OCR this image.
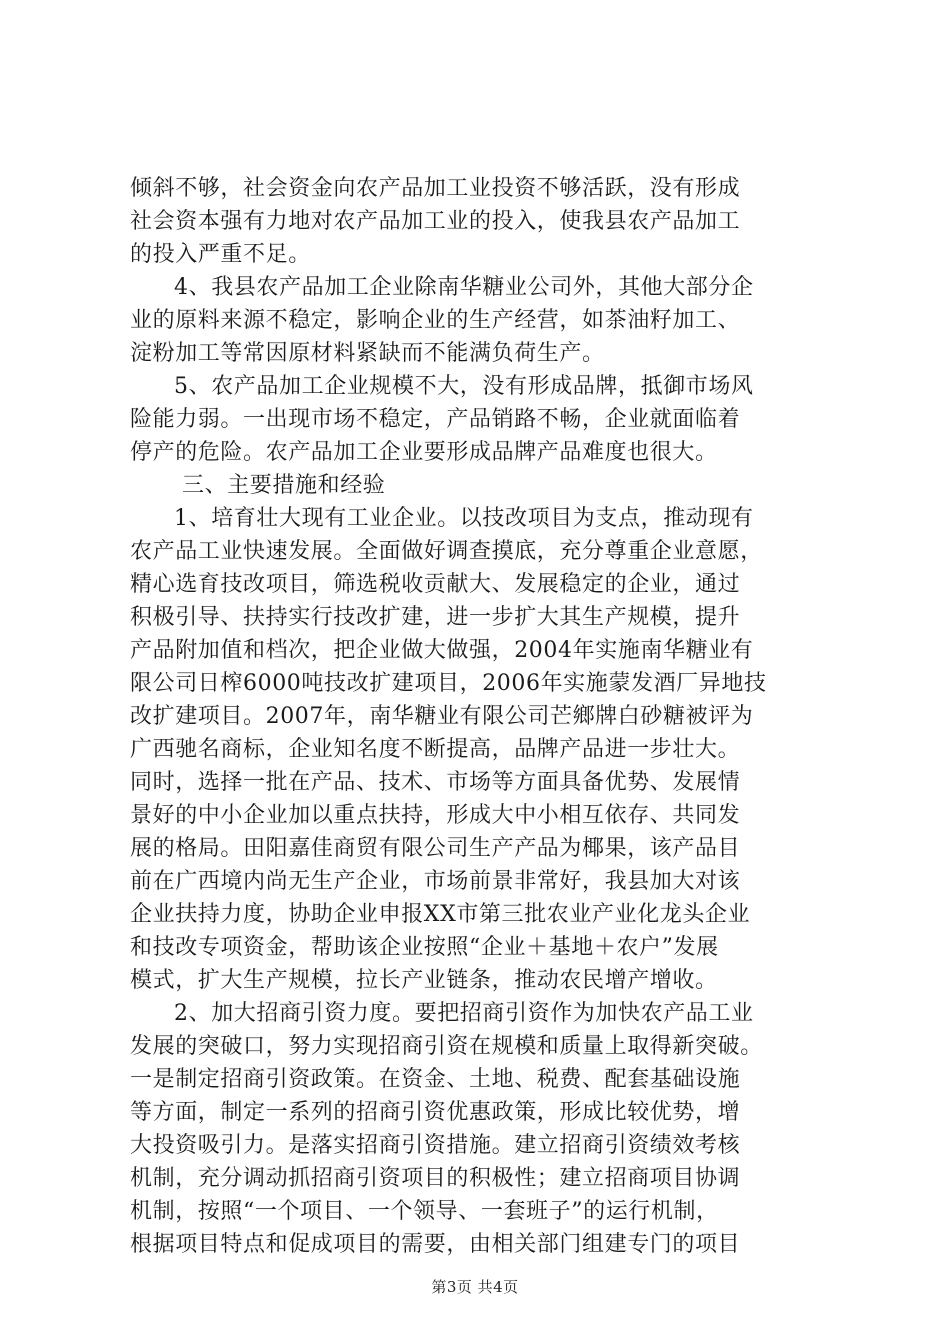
倾斜不够，社会资金向农产品加工业投资不够活跃，没有形成
社会资本强有力地对农产品加工业的投入，使我县农产品加工
的投入严重不足。
4、我县农产品加工企业除南华糖业公司外，其他大部分企
业的原料来源不稳定，影响企业的生产经营，如茶油籽加工、
淀粉加工等常因原材料紧缺而不能满负荷生产。
5、农产品加工企业规模不大，没有形成品牌，抵御市场风
险能力弱。一出现市场不稳定，产品销路不畅，企业就面临着
停产的危险。农产品加工企业要形成品牌产品难度也很大。
三、主要措施和经验
1、培育壮大现有工业企业。以技改项目为支点，推动现有
农产品工业快速发展。全面做好调查摸底，充分尊重企业意愿，
精心选育技改项目，筛选税收贡献大、发展稳定的企业，通过
积极引导、扶持实行技改扩建，进一步扩大其生产规模，提升
产品附加值和档次，把企业做大做强，2004年实施南华糖业有
限公司日榨6000吨技改扩建项目，2006年实施蒙发酒厂异地技
改扩建项目。2007年，南华糖业有限公司芒鄉牌白砂糖被评为
广西驰名商标，企业知名度不断提高，品牌产品进一步壮大。
同时，选择一批在产品、技术、市场等方面具备优势、发展情
景好的中小企业加以重点扶持，形成大中小相互依存、共同发
展的格局。田阳嘉佳商贸有限公司生产产品为椰果，该产品目
前在广西境内尚无生产企业，市场前景非常好，我县加大对该
企业扶持力度，协助企业申报XX市第三批农业产业化龙头企业
和技改专项资金，帮助该企业按照“企业＋基地＋农户”发展
模式，扩大生产规模，拉长产业链条，推动农民增产增收。
2、加大招商引资力度。要把招商引资作为加快农产品工业
发展的突破口，努力实现招商引资在规模和质量上取得新突破。
一是制定招商引资政策。在资金、土地、税费、配套基础设施
等方面，制定一系列的招商引资优惠政策，形成比较优势，增
大投资吸引力。是落实招商引资措施。建立招商引资绩效考核
机制，充分调动抓招商引资项目的积极性；建立招商项目协调
机制，按照“一个项目、一个领导、一套班子”的运行机制，
根据项目特点和促成项目的需要，由相关部门组建专门的项目
第3页 共4页
